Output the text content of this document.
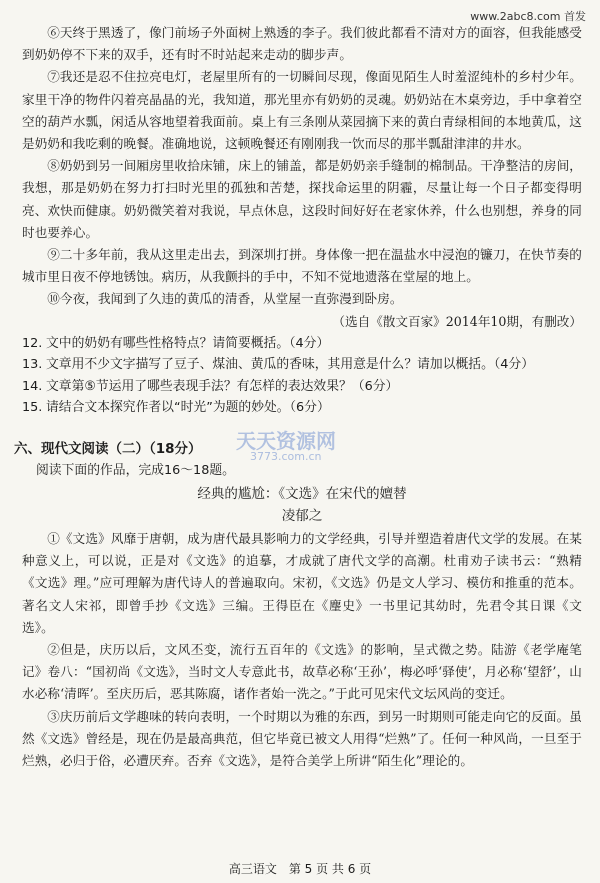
www.2abc8.com 首发

⑥天终于黑透了，像门前场子外面树上熟透的李子。我们彼此都看不清对方的面容，但我能感受到奶奶停不下来的双手，还有时不时站起来走动的脚步声。

⑦我还是忍不住拉亮电灯，老屋里所有的一切瞬间尽现，像面见陌生人时羞涩纯朴的乡村少年。家里干净的物件闪着亮晶晶的光，我知道，那光里亦有奶奶的灵魂。奶奶站在木桌旁边，手中拿着空空的葫芦水瓢，闲适从容地望着我面前。桌上有三条刚从菜园摘下来的黄白青绿相间的本地黄瓜，这是奶奶和我吃剩的晚餐。准确地说，这顿晚餐还有刚刚我一饮而尽的那半瓢甜津津的井水。

⑧奶奶到另一间厢房里收拾床铺，床上的铺盖，都是奶奶亲手缝制的棉制品。干净整洁的房间，我想，那是奶奶在努力打扫时光里的孤独和苦楚，探找命运里的阴霾，尽量让每一个日子都变得明亮、欢快而健康。奶奶微笑着对我说，早点休息，这段时间好好在老家休养，什么也别想，养身的同时也要养心。

⑨二十多年前，我从这里走出去，到深圳打拼。身体像一把在温盐水中浸泡的镰刀，在快节奏的城市里日夜不停地锈蚀。病历，从我颤抖的手中，不知不觉地遗落在堂屋的地上。

⑩今夜，我闻到了久违的黄瓜的清香，从堂屋一直弥漫到卧房。

（选自《散文百家》2014年10期，有删改）

12. 文中的奶奶有哪些性格特点？请简要概括。（4分）

13. 文章用不少文字描写了豆子、煤油、黄瓜的香味，其用意是什么？请加以概括。（4分）

14. 文章第⑤节运用了哪些表现手法？有怎样的表达效果？（6分）

15. 请结合文本探究作者以“时光”为题的妙处。（6分）

六、现代文阅读（二）（18分）
阅读下面的作品，完成16～18题。
经典的尴尬：《文选》在宋代的嬗替
凌郁之

①《文选》风靡于唐朝，成为唐代最具影响力的文学经典，引导并塑造着唐代文学的发展。在某种意义上，可以说，正是对《文选》的追摹，才成就了唐代文学的高潮。杜甫劝子读书云：“熟精《文选》理。”应可理解为唐代诗人的普遍取向。宋初，《文选》仍是文人学习、模仿和推重的范本。著名文人宋祁，即曾手抄《文选》三编。王得臣在《麈史》一书里记其幼时，先君令其日课《文选》。

②但是，庆历以后，文风丕变，流行五百年的《文选》的影响，呈式微之势。陆游《老学庵笔记》卷八：“国初尚《文选》，当时文人专意此书，故草必称‘王孙’，梅必呼‘驿使’，月必称‘望舒’，山水必称‘清晖’。至庆历后，恶其陈腐，诸作者始一洗之。”于此可见宋代文坛风尚的变迁。

③庆历前后文学趣味的转向表明，一个时期以为雅的东西，到另一时期则可能走向它的反面。虽然《文选》曾经是，现在仍是最高典范，但它毕竟已被文人用得“烂熟”了。任何一种风尚，一旦至于烂熟，必归于俗，必遭厌弃。否弃《文选》，是符合美学上所讲“陌生化”理论的。

天天资源网
3773.com.cn
高三语文　第 5 页 共 6 页
